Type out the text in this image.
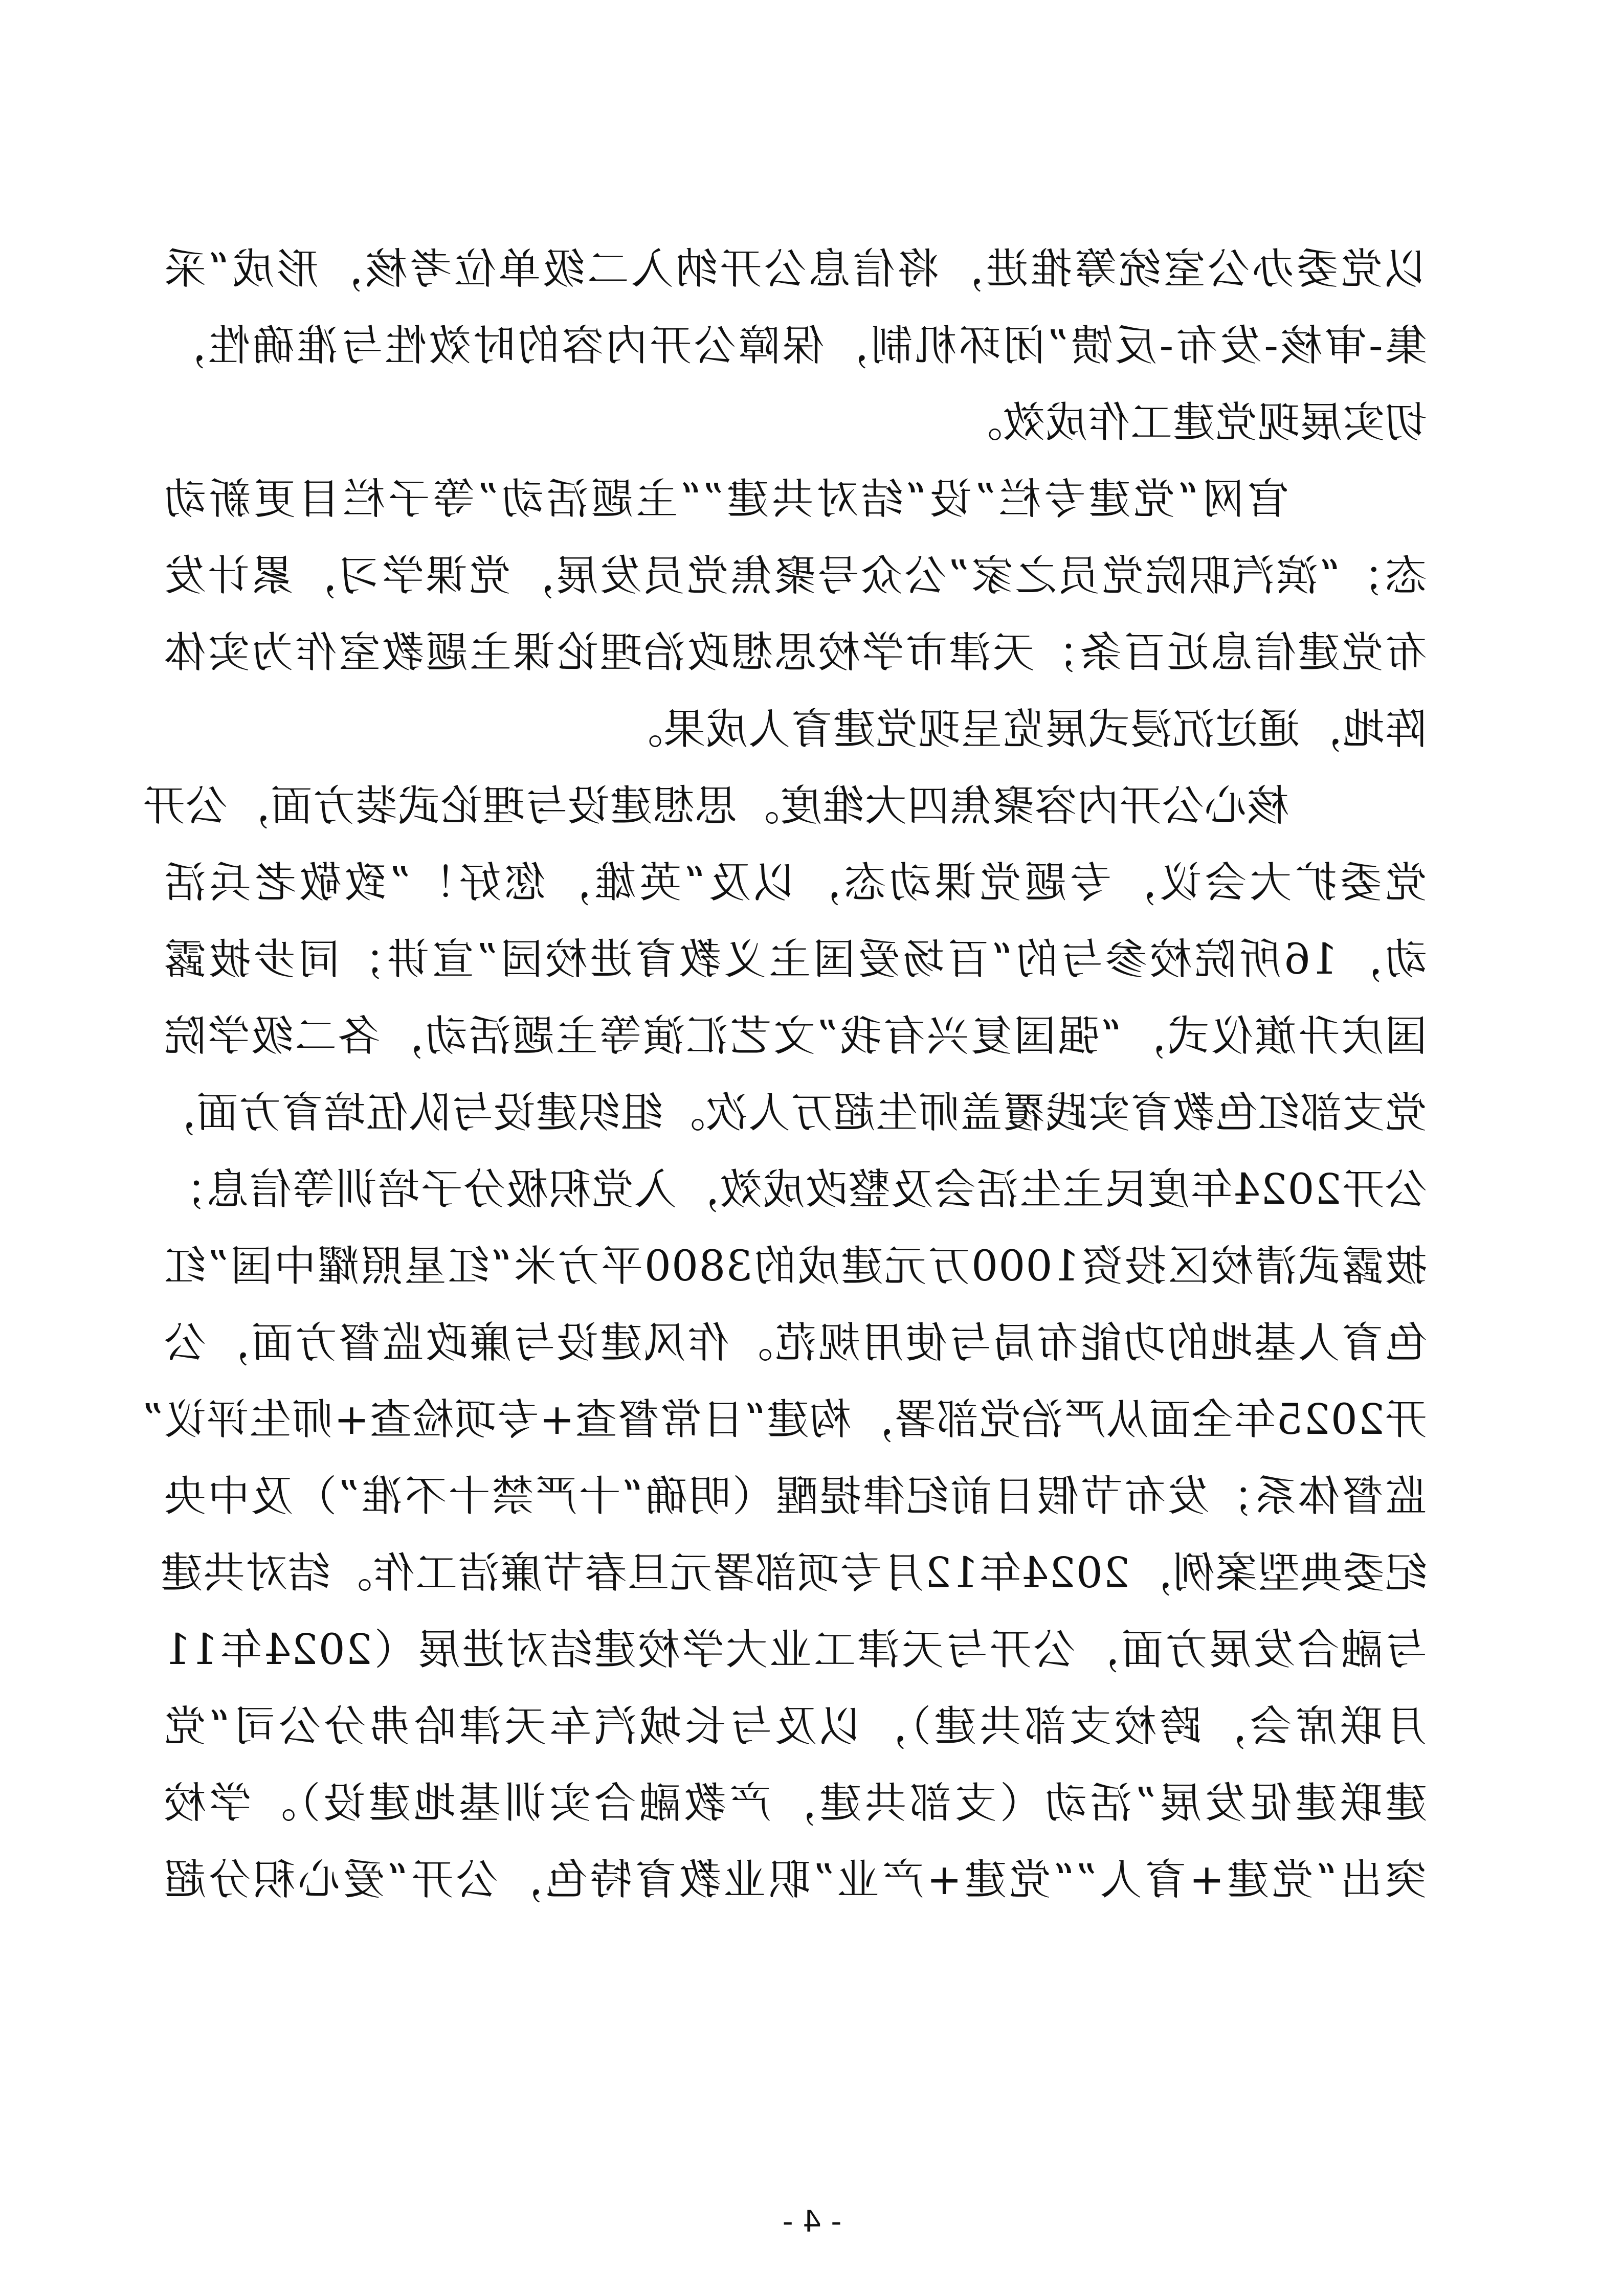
以党委办公室统筹推进，将信息公开纳入二级单位考核，形成“采
集-审核-发布-反馈”闭环机制，保障公开内容的时效性与准确性，
切实展现党建工作成效。
官网“党建专栏”设“结对共建”“主题活动”等子栏目更新动
态；“滨汽职院党员之家”公众号聚焦党员发展，党课学习，累计发
布党建信息近百条；天津市学校思想政治理论课主题教室作为实体
阵地，通过沉浸式展览呈现党建育人成果。
核心公开内容聚焦四大维度。思想建设与理论武装方面，公开
党委扩大会议，专题党课动态，以及“英雄，您好！”致敬老兵活
动，16所院校参与的“百场爱国主义教育进校园”宣讲；同步披露
国庆升旗仪式，“强国复兴有我”文艺汇演等主题活动，各二级学院
党支部红色教育实践覆盖师生超万人次。组织建设与队伍培育方面，
公开2024年度民主生活会及整改成效，入党积极分子培训等信息；
披露武清校区投资1000万元建成的3800平方米“红星照耀中国”红
色育人基地的功能布局与使用规范。作风建设与廉政监督方面，公
开2025年全面从严治党部署，构建“日常督查+专项检查+师生评议”
监督体系；发布节假日前纪律提醒（明确“十严禁十不准”）及中央
纪委典型案例，2024年12月专项部署元旦春节廉洁工作。结对共建
与融合发展方面，公开与天津工业大学校建结对进展（2024年11
月联席会，跨校支部共建），以及与长城汽车天津哈弗分公司“党
建联建促发展”活动（支部共建，产教融合实训基地建设）。学校
突出“党建+育人”“党建+产业”职业教育特色，公开“爱心积分超
- 4 -
